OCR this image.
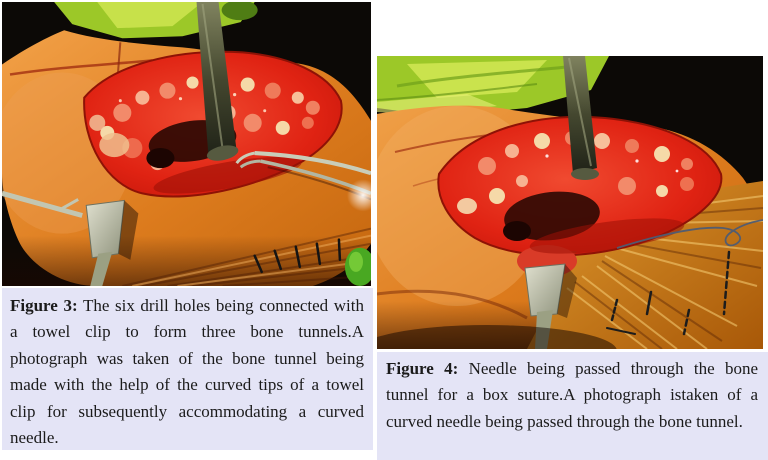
Figure 3: The six drill holes being connected with a towel clip to form three bone tunnels.A photograph was taken of the bone tunnel being made with the help of the curved tips of a towel clip for subsequently accommodating a curved needle.
Figure 4: Needle being passed through the bone tunnel for a box suture.A photograph istaken of a curved needle being passed through the bone tunnel.
